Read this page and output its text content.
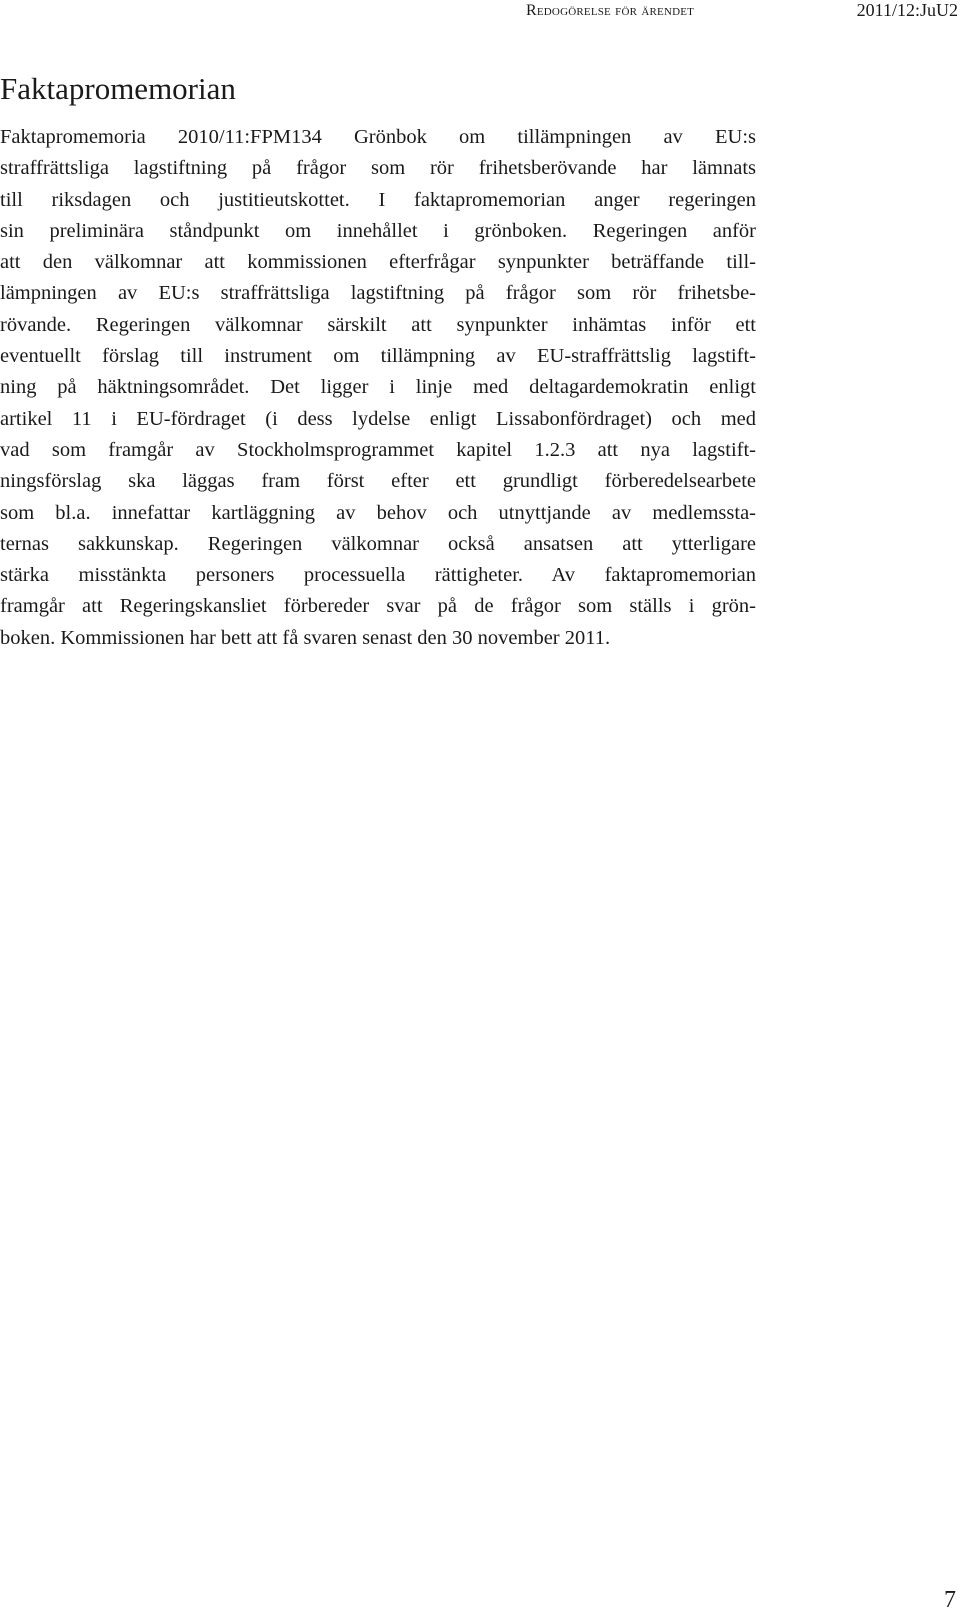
Redogörelse för ärendet	2011/12:JuU2
Faktapromemorian
Faktapromemoria 2010/11:FPM134 Grönbok om tillämpningen av EU:s
straffrättsliga lagstiftning på frågor som rör frihetsberövande har lämnats
till riksdagen och justitieutskottet. I faktapromemorian anger regeringen
sin preliminära ståndpunkt om innehållet i grönboken. Regeringen anför
att den välkomnar att kommissionen efterfrågar synpunkter beträffande till-
lämpningen av EU:s straffrättsliga lagstiftning på frågor som rör frihetsbe-
rövande. Regeringen välkomnar särskilt att synpunkter inhämtas inför ett
eventuellt förslag till instrument om tillämpning av EU-straffrättslig lagstift-
ning på häktningsområdet. Det ligger i linje med deltagardemokratin enligt
artikel 11 i EU-fördraget (i dess lydelse enligt Lissabonfördraget) och med
vad som framgår av Stockholmsprogrammet kapitel 1.2.3 att nya lagstift-
ningsförslag ska läggas fram först efter ett grundligt förberedelsearbete
som bl.a. innefattar kartläggning av behov och utnyttjande av medlemssta-
ternas sakkunskap. Regeringen välkomnar också ansatsen att ytterligare
stärka misstänkta personers processuella rättigheter. Av faktapromemorian
framgår att Regeringskansliet förbereder svar på de frågor som ställs i grön-
boken. Kommissionen har bett att få svaren senast den 30 november 2011.
7
